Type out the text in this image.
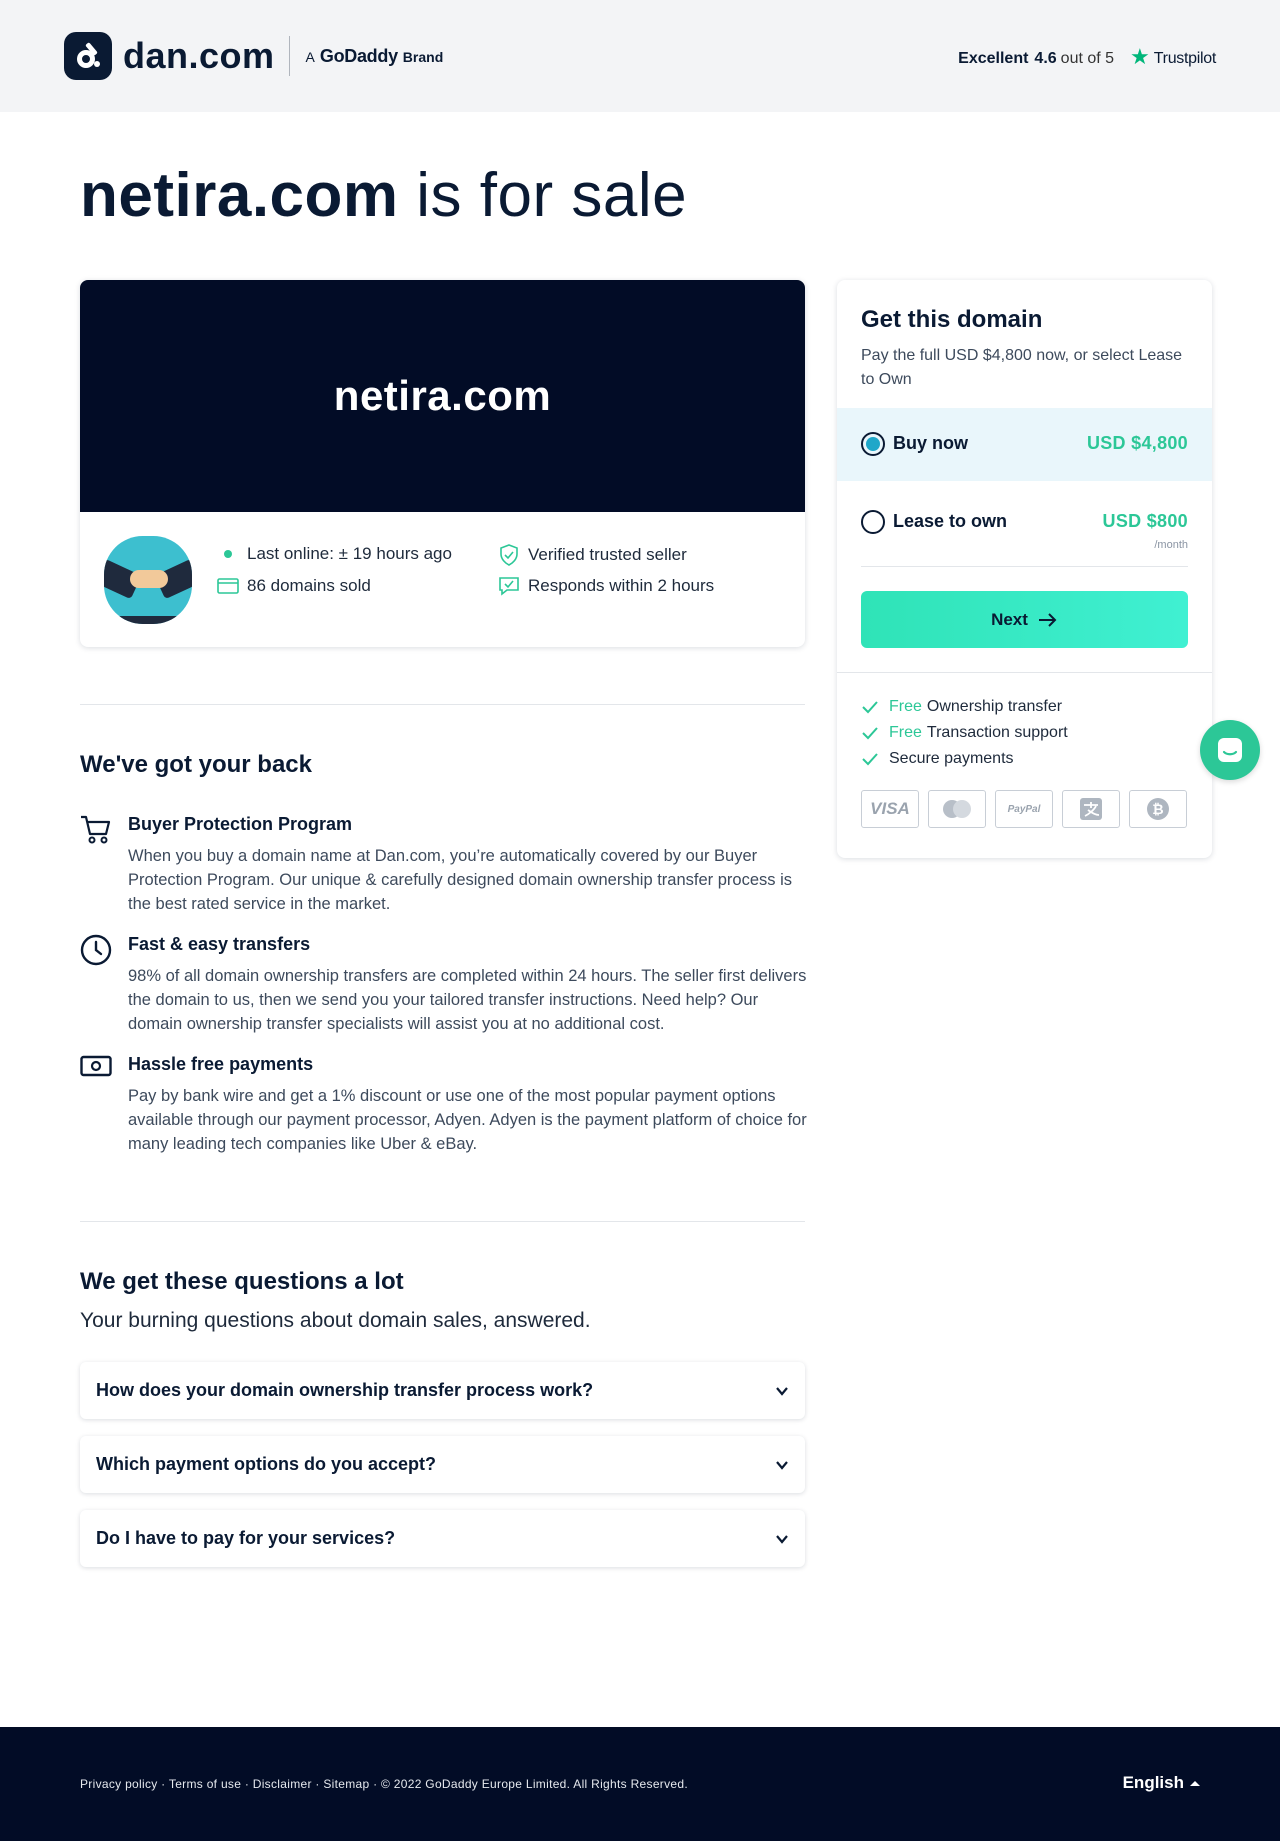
dan.com A GoDaddy Brand	Excellent 4.6 out of 5 ★ Trustpilot
netira.com is for sale
netira.com
Last online: ± 19 hours ago
86 domains sold
Verified trusted seller
Responds within 2 hours
Get this domain

Pay the full USD $4,800 now, or select Lease to Own

Buy now	USD $4,800
Lease to own	USD $800
/month
Next
Free Ownership transfer
Free Transaction support
Secure payments
VISA	PayPal	₿
We've got your back
Buyer Protection Program

When you buy a domain name at Dan.com, you’re automatically covered by our Buyer Protection Program. Our unique & carefully designed domain ownership transfer process is the best rated service in the market.

Fast & easy transfers

98% of all domain ownership transfers are completed within 24 hours. The seller first delivers the domain to us, then we send you your tailored transfer instructions. Need help? Our domain ownership transfer specialists will assist you at no additional cost.

Hassle free payments

Pay by bank wire and get a 1% discount or use one of the most popular payment options available through our payment processor, Adyen. Adyen is the payment platform of choice for many leading tech companies like Uber & eBay.

We get these questions a lot

Your burning questions about domain sales, answered.

How does your domain ownership transfer process work?
Which payment options do you accept?
Do I have to pay for your services?
Privacy policy · Terms of use · Disclaimer · Sitemap · © 2022 GoDaddy Europe Limited. All Rights Reserved.	English
